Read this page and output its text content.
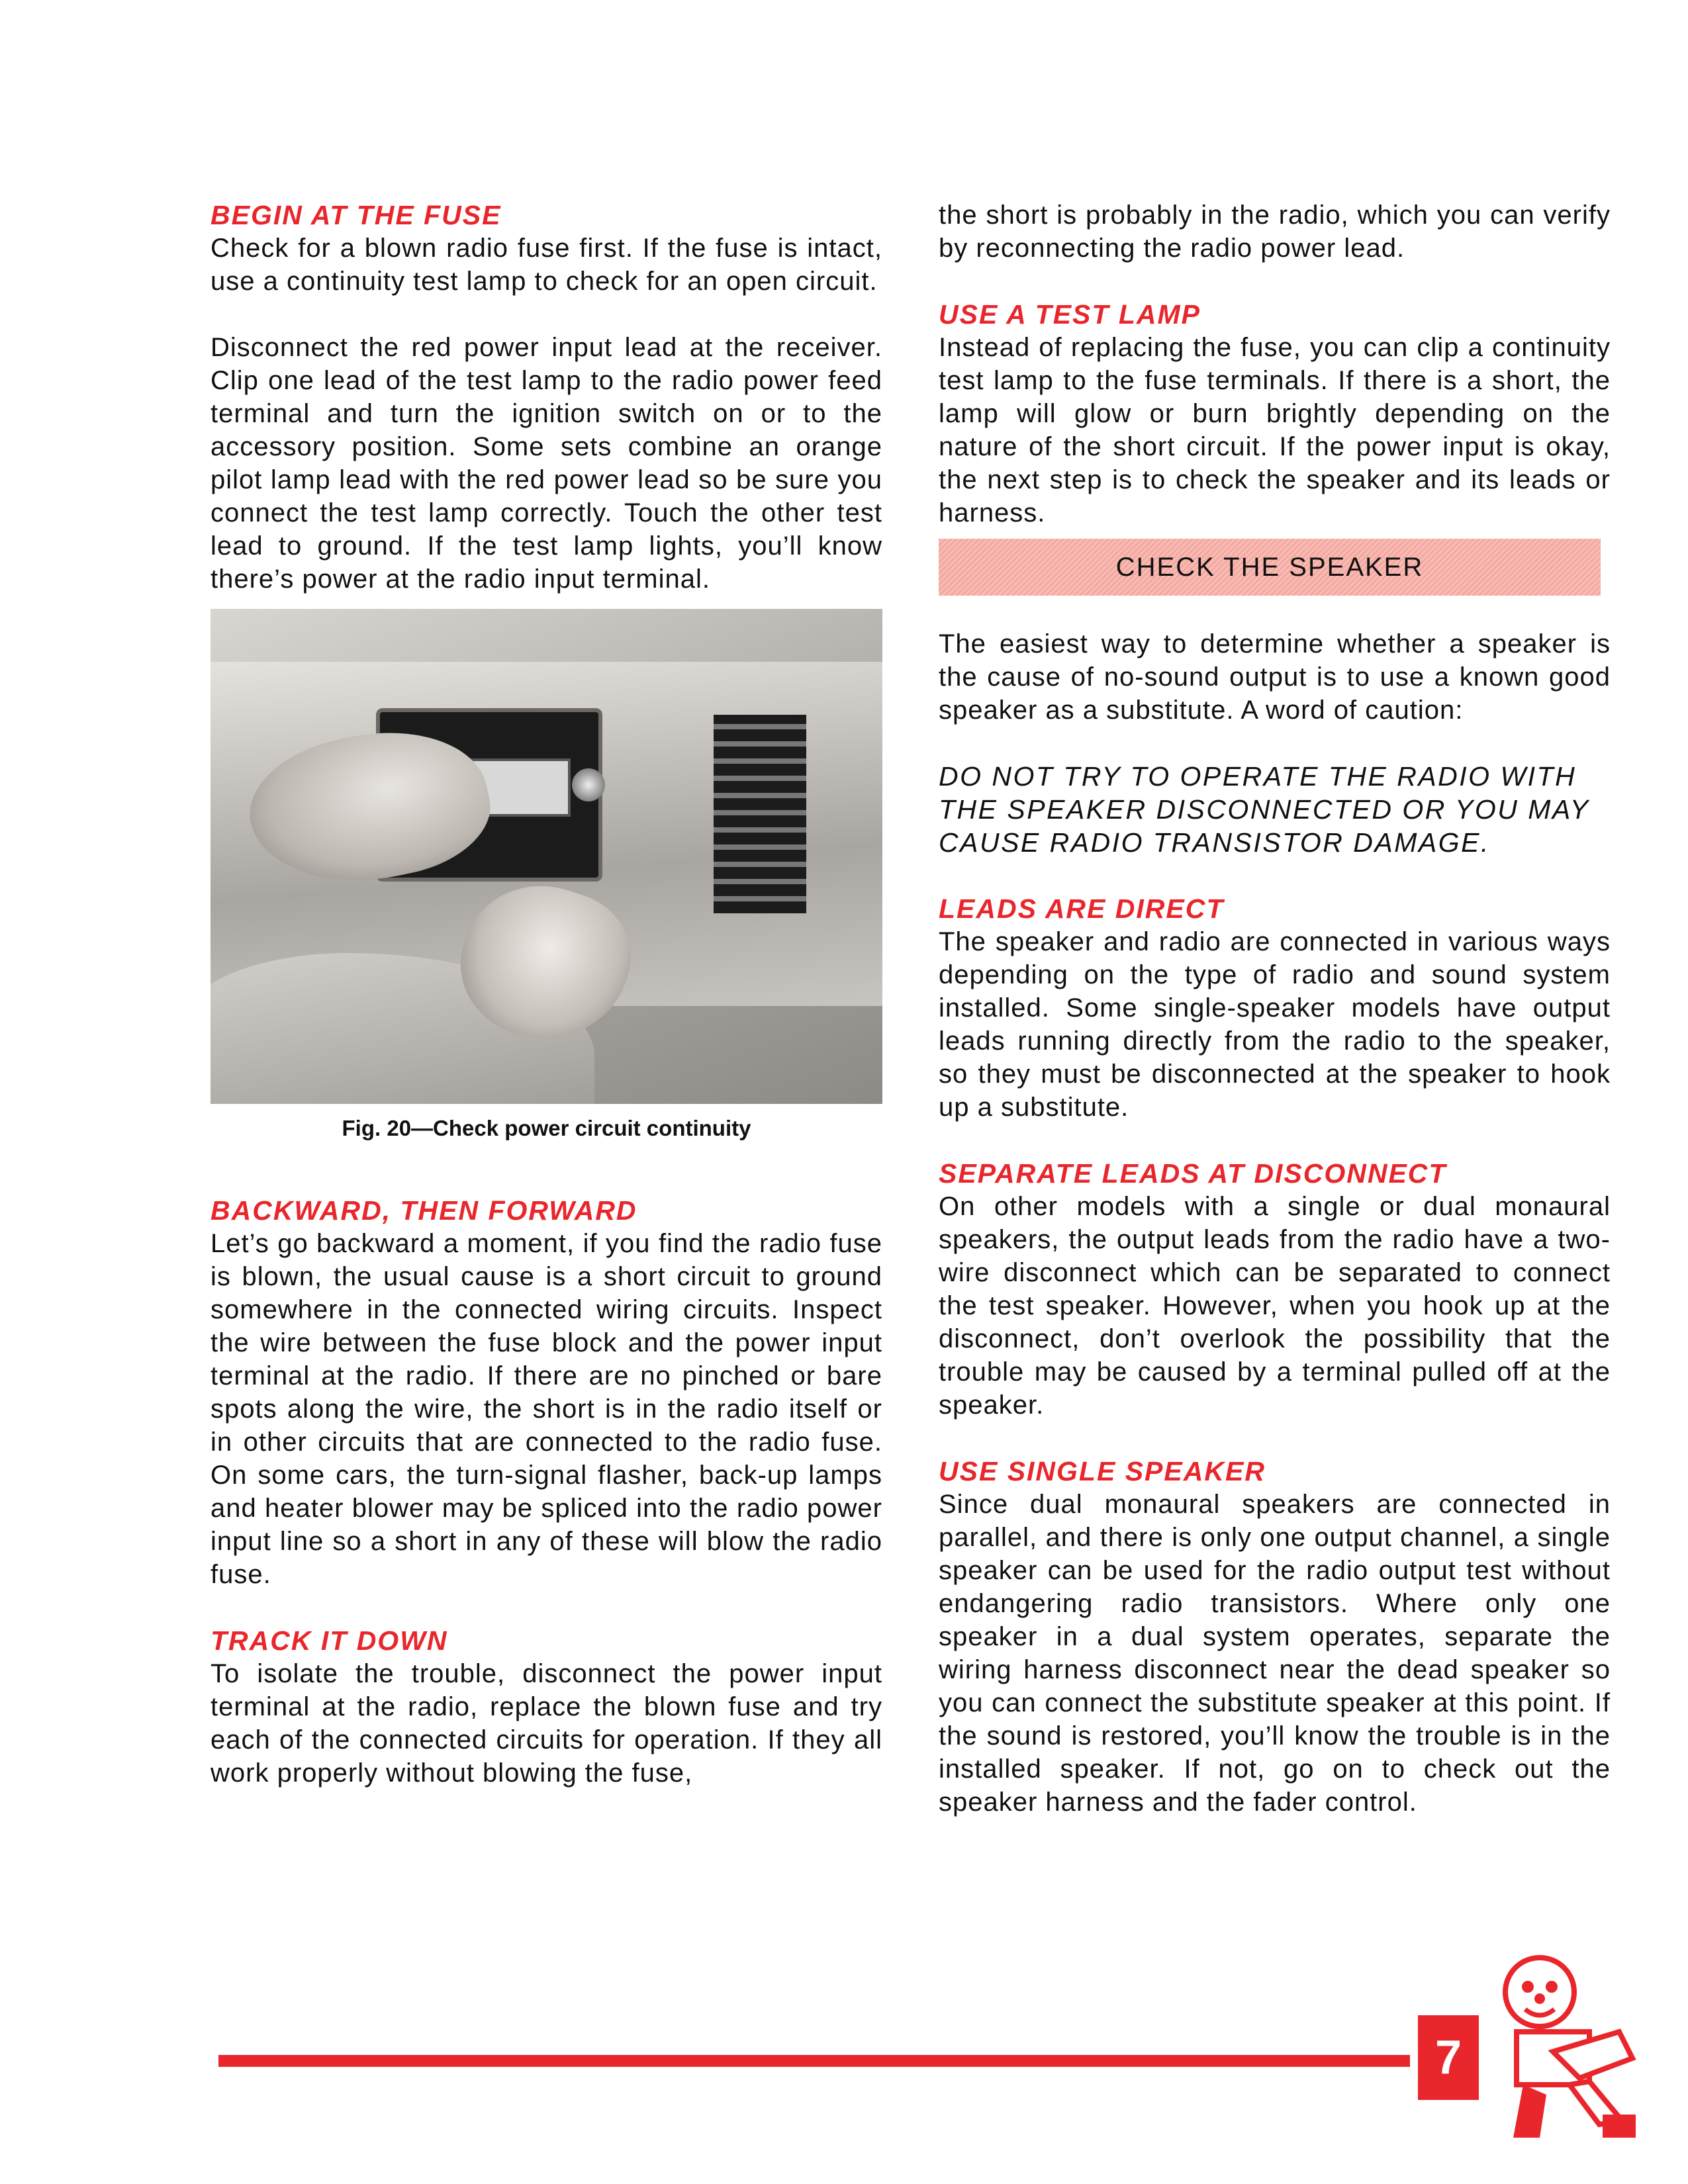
BEGIN AT THE FUSE

Check for a blown radio fuse first. If the fuse is intact, use a continuity test lamp to check for an open circuit.

Disconnect the red power input lead at the receiver. Clip one lead of the test lamp to the radio power feed terminal and turn the ignition switch on or to the accessory position. Some sets combine an orange pilot lamp lead with the red power lead so be sure you connect the test lamp correctly. Touch the other test lead to ground. If the test lamp lights, you’ll know there’s power at the radio input terminal.

Fig. 20—Check power circuit continuity

BACKWARD, THEN FORWARD

Let’s go backward a moment, if you find the radio fuse is blown, the usual cause is a short circuit to ground somewhere in the connected wiring circuits. Inspect the wire between the fuse block and the power input terminal at the radio. If there are no pinched or bare spots along the wire, the short is in the radio itself or in other circuits that are connected to the radio fuse. On some cars, the turn-signal flasher, back-up lamps and heater blower may be spliced into the radio power input line so a short in any of these will blow the radio fuse.

TRACK IT DOWN

To isolate the trouble, disconnect the power input terminal at the radio, replace the blown fuse and try each of the connected circuits for operation. If they all work properly without blowing the fuse,

the short is probably in the radio, which you can verify by reconnecting the radio power lead.

USE A TEST LAMP

Instead of replacing the fuse, you can clip a continuity test lamp to the fuse terminals. If there is a short, the lamp will glow or burn brightly depending on the nature of the short circuit. If the power input is okay, the next step is to check the speaker and its leads or harness.

CHECK THE SPEAKER

The easiest way to determine whether a speaker is the cause of no-sound output is to use a known good speaker as a substitute. A word of caution:

DO NOT TRY TO OPERATE THE RADIO WITH THE SPEAKER DISCONNECTED OR YOU MAY CAUSE RADIO TRANSISTOR DAMAGE.

LEADS ARE DIRECT

The speaker and radio are connected in various ways depending on the type of radio and sound system installed. Some single-speaker models have output leads running directly from the radio to the speaker, so they must be disconnected at the speaker to hook up a substitute.

SEPARATE LEADS AT DISCONNECT

On other models with a single or dual monaural speakers, the output leads from the radio have a two-wire disconnect which can be separated to connect the test speaker. However, when you hook up at the disconnect, don’t overlook the possibility that the trouble may be caused by a terminal pulled off at the speaker.

USE SINGLE SPEAKER

Since dual monaural speakers are connected in parallel, and there is only one output channel, a single speaker can be used for the radio output test without endangering radio transistors. Where only one speaker in a dual system operates, separate the wiring harness disconnect near the dead speaker so you can connect the substitute speaker at this point. If the sound is restored, you’ll know the trouble is in the installed speaker. If not, go on to check out the speaker harness and the fader control.

7
